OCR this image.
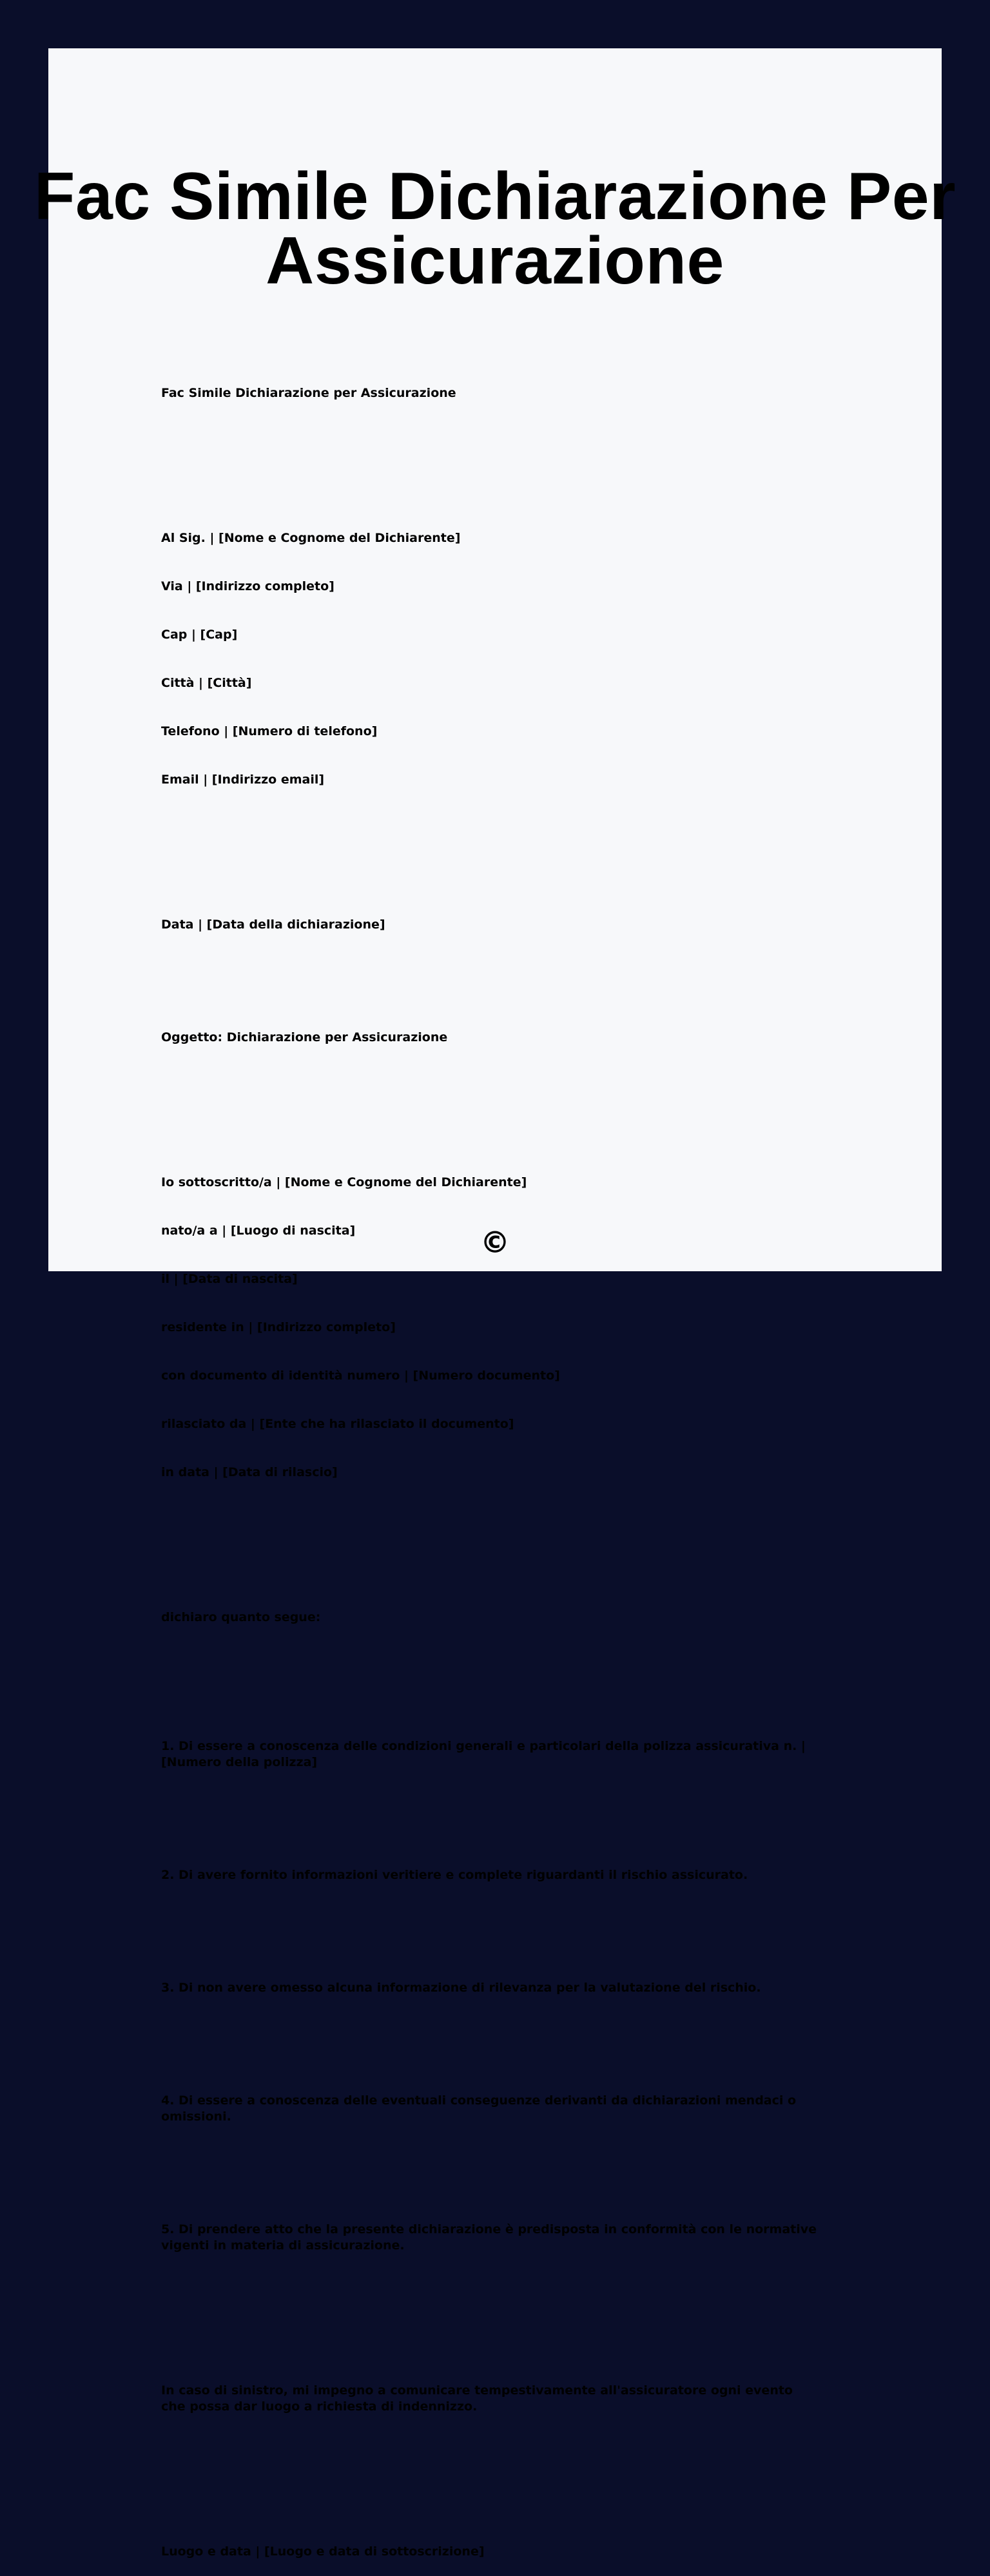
Fac Simile Dichiarazione Per Assicurazione

Fac Simile Dichiarazione per Assicurazione

Al Sig. | [Nome e Cognome del Dichiarente]

Via | [Indirizzo completo]

Cap | [Cap]

Città | [Città]

Telefono | [Numero di telefono]

Email | [Indirizzo email]

Data | [Data della dichiarazione]

Oggetto: Dichiarazione per Assicurazione

Io sottoscritto/a | [Nome e Cognome del Dichiarente]

nato/a a | [Luogo di nascita]

il | [Data di nascita]

residente in | [Indirizzo completo]

con documento di identità numero | [Numero documento]

rilasciato da | [Ente che ha rilasciato il documento]

in data | [Data di rilascio]

dichiaro quanto segue:

1. Di essere a conoscenza delle condizioni generali e particolari della polizza assicurativa n. | [Numero della polizza]

2. Di avere fornito informazioni veritiere e complete riguardanti il rischio assicurato.

3. Di non avere omesso alcuna informazione di rilevanza per la valutazione del rischio.

4. Di essere a conoscenza delle eventuali conseguenze derivanti da dichiarazioni mendaci o omissioni.

5. Di prendere atto che la presente dichiarazione è predisposta in conformità con le normative vigenti in materia di assicurazione.

In caso di sinistro, mi impegno a comunicare tempestivamente all'assicuratore ogni evento che possa dar luogo a richiesta di indennizzo.

Luogo e data | [Luogo e data di sottoscrizione]

©
